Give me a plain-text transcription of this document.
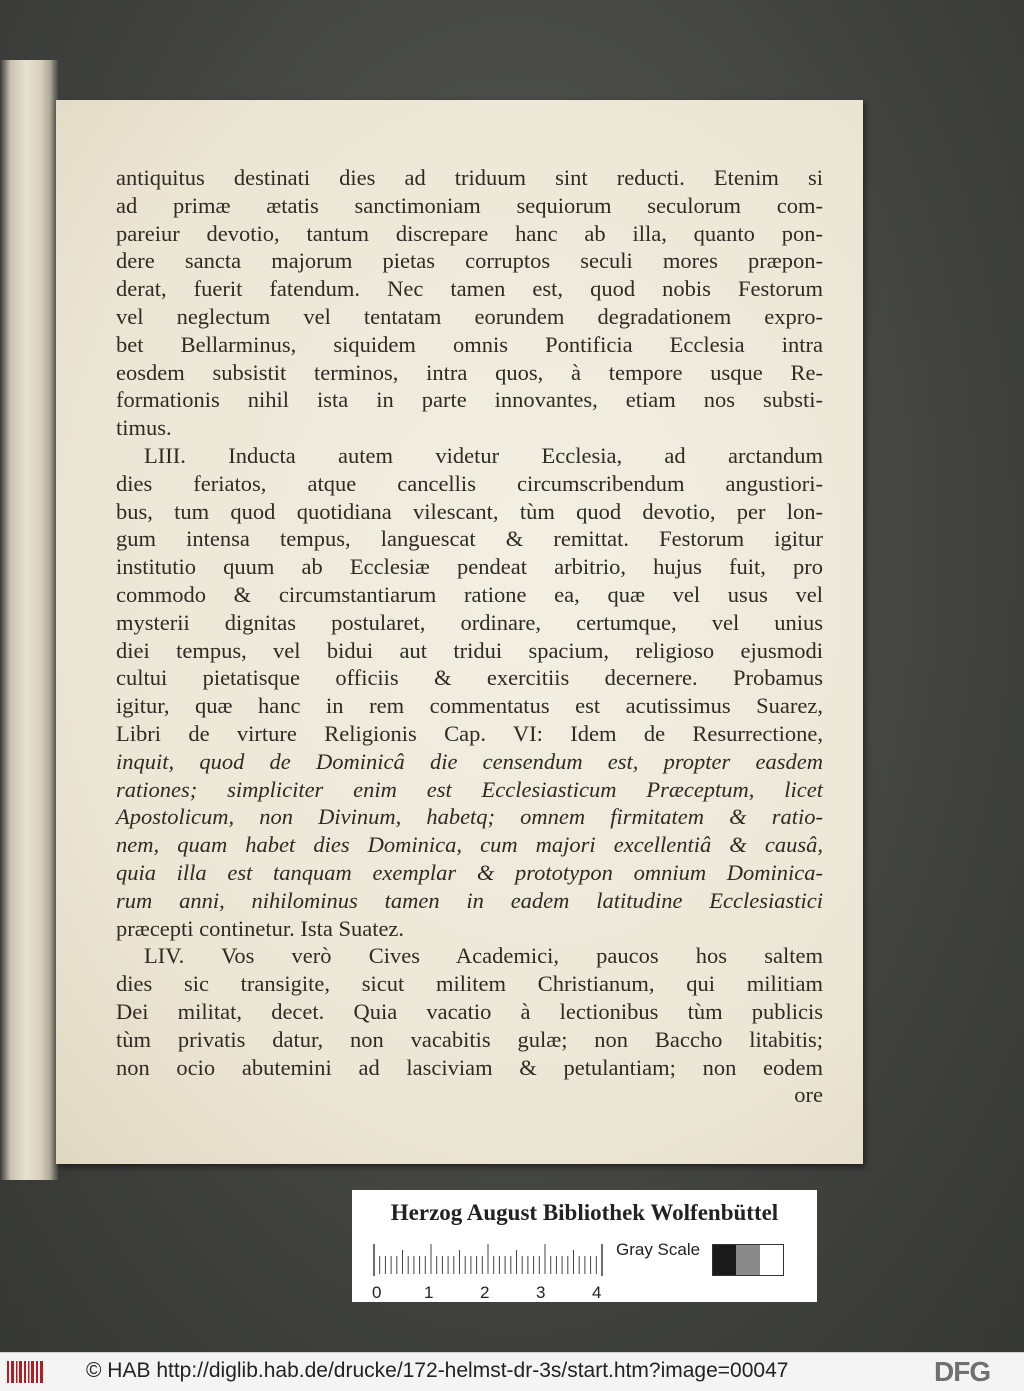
antiquitus destinati dies ad triduum sint reducti. Etenim si
ad primæ ætatis sanctimoniam sequiorum seculorum com-
pareiur devotio, tantum discrepare hanc ab illa, quanto pon-
dere sancta majorum pietas corruptos seculi mores præpon-
derat, fuerit fatendum. Nec tamen est, quod nobis Festorum
vel neglectum vel tentatam eorundem degradationem expro-
bet Bellarminus, siquidem omnis Pontificia Ecclesia intra
eosdem subsistit terminos, intra quos, à tempore usque Re-
formationis nihil ista in parte innovantes, etiam nos substi-
timus.
LIII. Inducta autem videtur Ecclesia, ad arctandum
dies feriatos, atque cancellis circumscribendum angustiori-
bus, tum quod quotidiana vilescant, tùm quod devotio, per lon-
gum intensa tempus, languescat & remittat. Festorum igitur
institutio quum ab Ecclesiæ pendeat arbitrio, hujus fuit, pro
commodo & circumstantiarum ratione ea, quæ vel usus vel
mysterii dignitas postularet, ordinare, certumque, vel unius
diei tempus, vel bidui aut tridui spacium, religioso ejusmodi
cultui pietatisque officiis & exercitiis decernere. Probamus
igitur, quæ hanc in rem commentatus est acutissimus Suarez,
Libri de virture Religionis Cap. VI: Idem de Resurrectione,
inquit, quod de Dominicâ die censendum est, propter easdem
rationes; simpliciter enim est Ecclesiasticum Præceptum, licet
Apostolicum, non Divinum, habetq; omnem firmitatem & ratio-
nem, quam habet dies Dominica, cum majori excellentiâ & causâ,
quia illa est tanquam exemplar & prototypon omnium Dominica-
rum anni, nihilominus tamen in eadem latitudine Ecclesiastici
præcepti continetur. Ista Suatez.
LIV. Vos verò Cives Academici, paucos hos saltem
dies sic transigite, sicut militem Christianum, qui militiam
Dei militat, decet. Quia vacatio à lectionibus tùm publicis
tùm privatis datur, non vacabitis gulæ; non Baccho litabitis;
non ocio abutemini ad lasciviam & petulantiam; non eodem
ore
Herzog August Bibliothek Wolfenbüttel
0	1	2	3	4
Gray Scale
© HAB http://diglib.hab.de/drucke/172-helmst-dr-3s/start.htm?image=00047	DFG
